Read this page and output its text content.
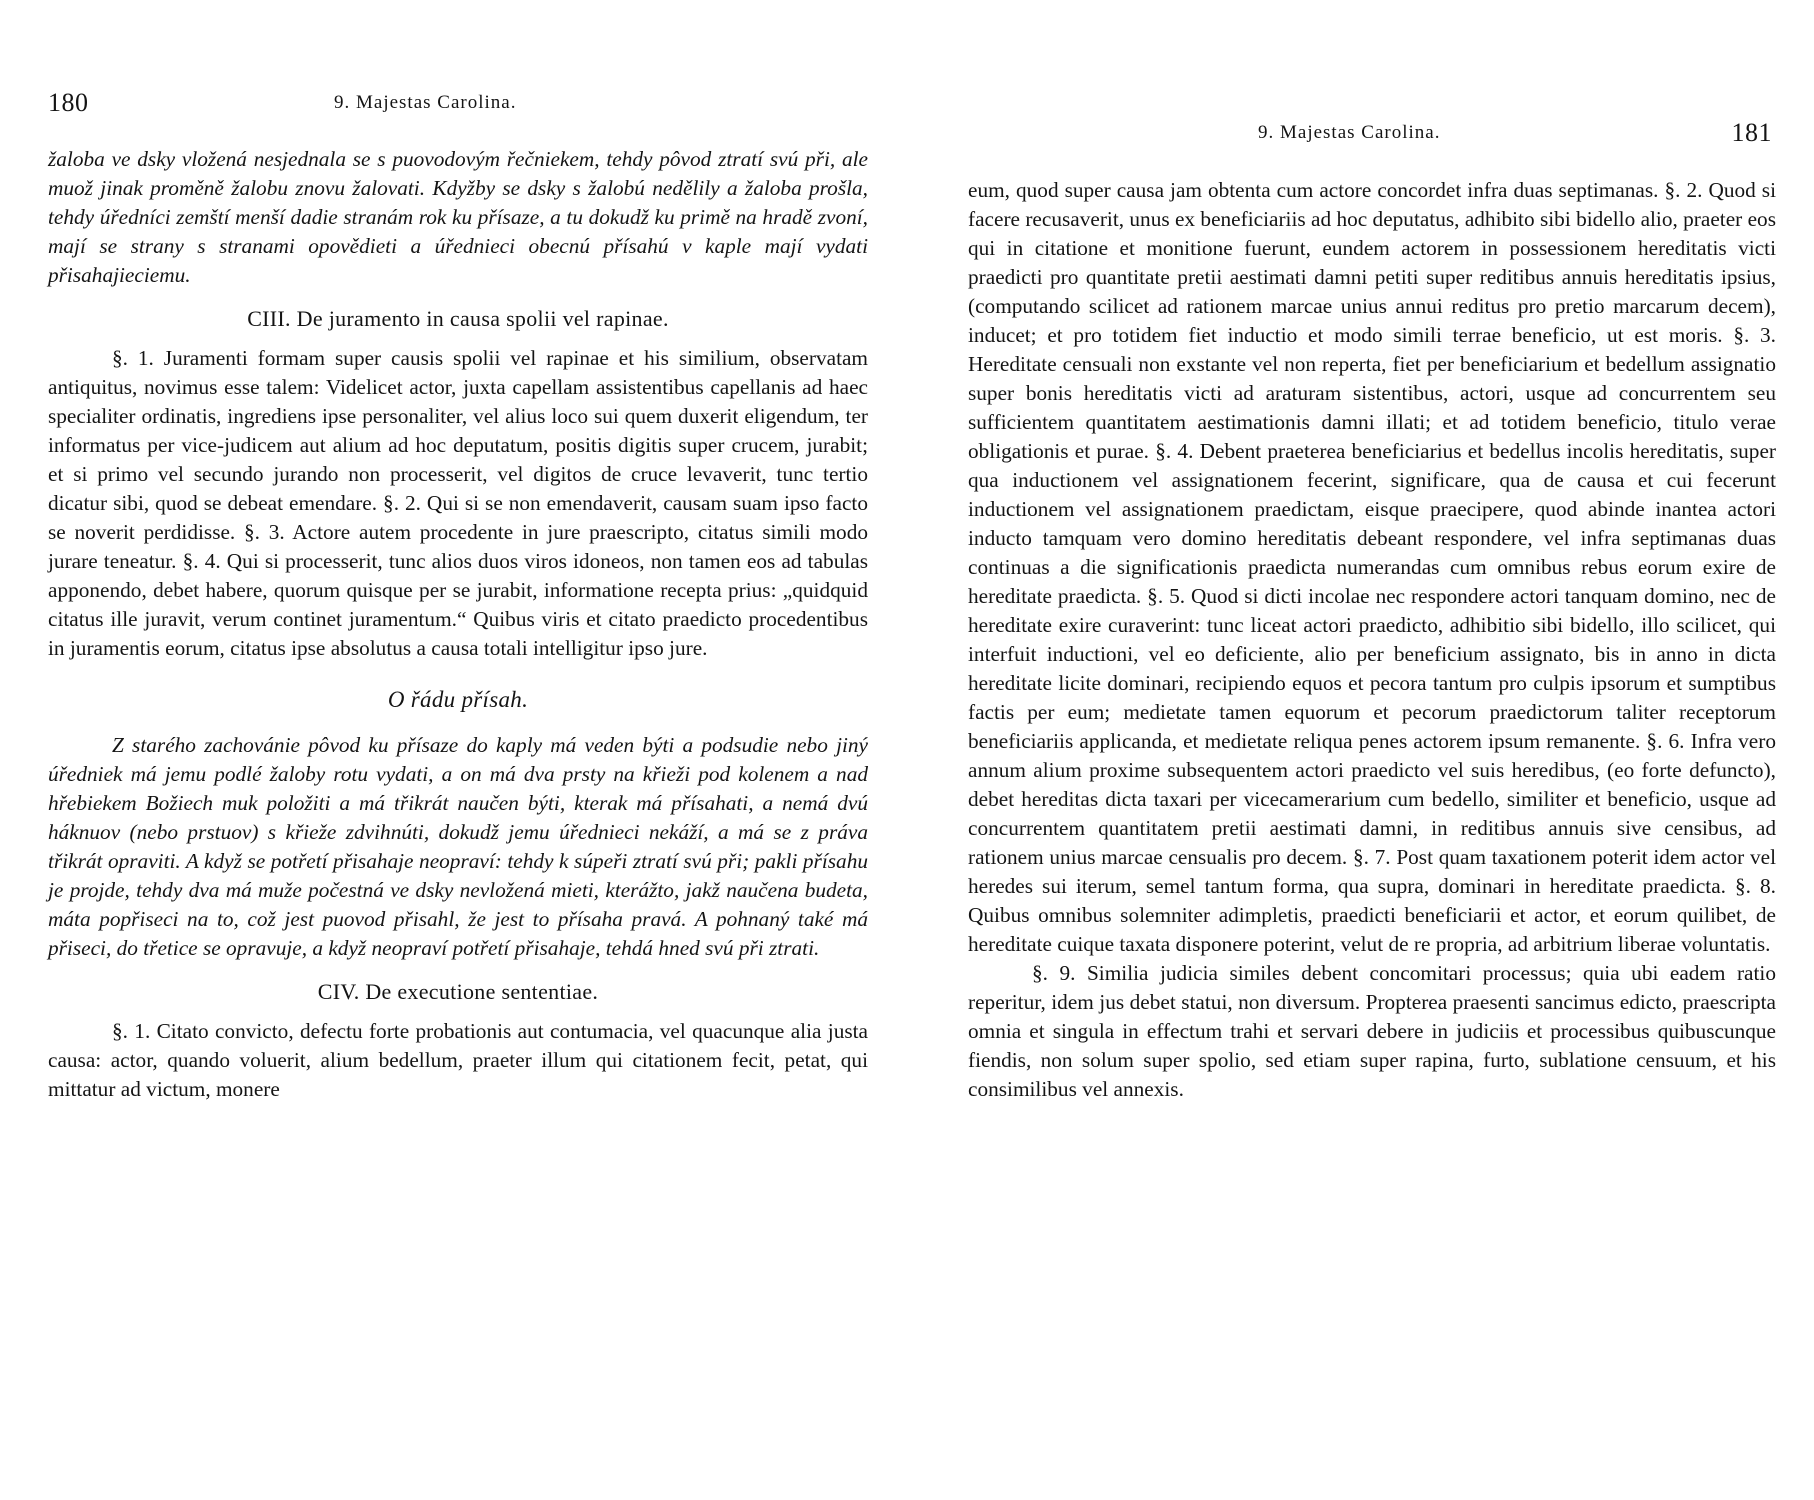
180	9. Majestas Carolina.

žaloba ve dsky vložená nesjednala se s puovodovým řečniekem, tehdy pôvod ztratí svú při, ale muož jinak proměně žalobu znovu žalovati. Kdyžby se dsky s žalobú nedělily a žaloba prošla, tehdy úředníci zemští menší dadie stranám rok ku přísaze, a tu dokudž ku primě na hradě zvoní, mají se strany s stranami opovědieti a úřednieci obecnú přísahú v kaple mají vydati přisahajieciemu.

CIII. De juramento in causa spolii vel rapinae.

§. 1. Juramenti formam super causis spolii vel rapinae et his similium, observatam antiquitus, novimus esse talem: Videlicet actor, juxta capellam assistentibus capellanis ad haec specialiter ordinatis, ingrediens ipse personaliter, vel alius loco sui quem duxerit eligendum, ter informatus per vice-judicem aut alium ad hoc deputatum, positis digitis super crucem, jurabit; et si primo vel secundo jurando non processerit, vel digitos de cruce levaverit, tunc tertio dicatur sibi, quod se debeat emendare. §. 2. Qui si se non emendaverit, causam suam ipso facto se noverit perdidisse. §. 3. Actore autem procedente in jure praescripto, citatus simili modo jurare teneatur. §. 4. Qui si processerit, tunc alios duos viros idoneos, non tamen eos ad tabulas apponendo, debet habere, quorum quisque per se jurabit, informatione recepta prius: „quidquid citatus ille juravit, verum continet juramentum.“ Quibus viris et citato praedicto procedentibus in juramentis eorum, citatus ipse absolutus a causa totali intelligitur ipso jure.

O řádu přísah.

Z starého zachovánie pôvod ku přísaze do kaply má veden býti a podsudie nebo jiný úředniek má jemu podlé žaloby rotu vydati, a on má dva prsty na křieži pod kolenem a nad hřebiekem Božiech muk položiti a má třikrát naučen býti, kterak má přísahati, a nemá dvú háknuov (nebo prstuov) s křieže zdvihnúti, dokudž jemu úřednieci nekáží, a má se z práva třikrát opraviti. A když se potřetí přisahaje neopraví: tehdy k súpeři ztratí svú při; pakli přísahu je projde, tehdy dva má muže počestná ve dsky nevložená mieti, kterážto, jakž naučena budeta, máta popřiseci na to, což jest puovod přisahl, že jest to přísaha pravá. A pohnaný také má přiseci, do třetice se opravuje, a když neopraví potřetí přisahaje, tehdá hned svú při ztrati.

CIV. De executione sententiae.

§. 1. Citato convicto, defectu forte probationis aut contumacia, vel quacunque alia justa causa: actor, quando voluerit, alium bedellum, praeter illum qui citationem fecit, petat, qui mittatur ad victum, monere

9. Majestas Carolina.	181

eum, quod super causa jam obtenta cum actore concordet infra duas septimanas. §. 2. Quod si facere recusaverit, unus ex beneficiariis ad hoc deputatus, adhibito sibi bidello alio, praeter eos qui in citatione et monitione fuerunt, eundem actorem in possessionem hereditatis victi praedicti pro quantitate pretii aestimati damni petiti super reditibus annuis hereditatis ipsius, (computando scilicet ad rationem marcae unius annui reditus pro pretio marcarum decem), inducet; et pro totidem fiet inductio et modo simili terrae beneficio, ut est moris. §. 3. Hereditate censuali non exstante vel non reperta, fiet per beneficiarium et bedellum assignatio super bonis hereditatis victi ad araturam sistentibus, actori, usque ad concurrentem seu sufficientem quantitatem aestimationis damni illati; et ad totidem beneficio, titulo verae obligationis et purae. §. 4. Debent praeterea beneficiarius et bedellus incolis hereditatis, super qua inductionem vel assignationem fecerint, significare, qua de causa et cui fecerunt inductionem vel assignationem praedictam, eisque praecipere, quod abinde inantea actori inducto tamquam vero domino hereditatis debeant respondere, vel infra septimanas duas continuas a die significationis praedicta numerandas cum omnibus rebus eorum exire de hereditate praedicta. §. 5. Quod si dicti incolae nec respondere actori tanquam domino, nec de hereditate exire curaverint: tunc liceat actori praedicto, adhibitio sibi bidello, illo scilicet, qui interfuit inductioni, vel eo deficiente, alio per beneficium assignato, bis in anno in dicta hereditate licite dominari, recipiendo equos et pecora tantum pro culpis ipsorum et sumptibus factis per eum; medietate tamen equorum et pecorum praedictorum taliter receptorum beneficiariis applicanda, et medietate reliqua penes actorem ipsum remanente. §. 6. Infra vero annum alium proxime subsequentem actori praedicto vel suis heredibus, (eo forte defuncto), debet hereditas dicta taxari per vicecamerarium cum bedello, similiter et beneficio, usque ad concurrentem quantitatem pretii aestimati damni, in reditibus annuis sive censibus, ad rationem unius marcae censualis pro decem. §. 7. Post quam taxationem poterit idem actor vel heredes sui iterum, semel tantum forma, qua supra, dominari in hereditate praedicta. §. 8. Quibus omnibus solemniter adimpletis, praedicti beneficiarii et actor, et eorum quilibet, de hereditate cuique taxata disponere poterint, velut de re propria, ad arbitrium liberae voluntatis.

§. 9. Similia judicia similes debent concomitari processus; quia ubi eadem ratio reperitur, idem jus debet statui, non diversum. Propterea praesenti sancimus edicto, praescripta omnia et singula in effectum trahi et servari debere in judiciis et processibus quibuscunque fiendis, non solum super spolio, sed etiam super rapina, furto, sublatione censuum, et his consimilibus vel annexis.
